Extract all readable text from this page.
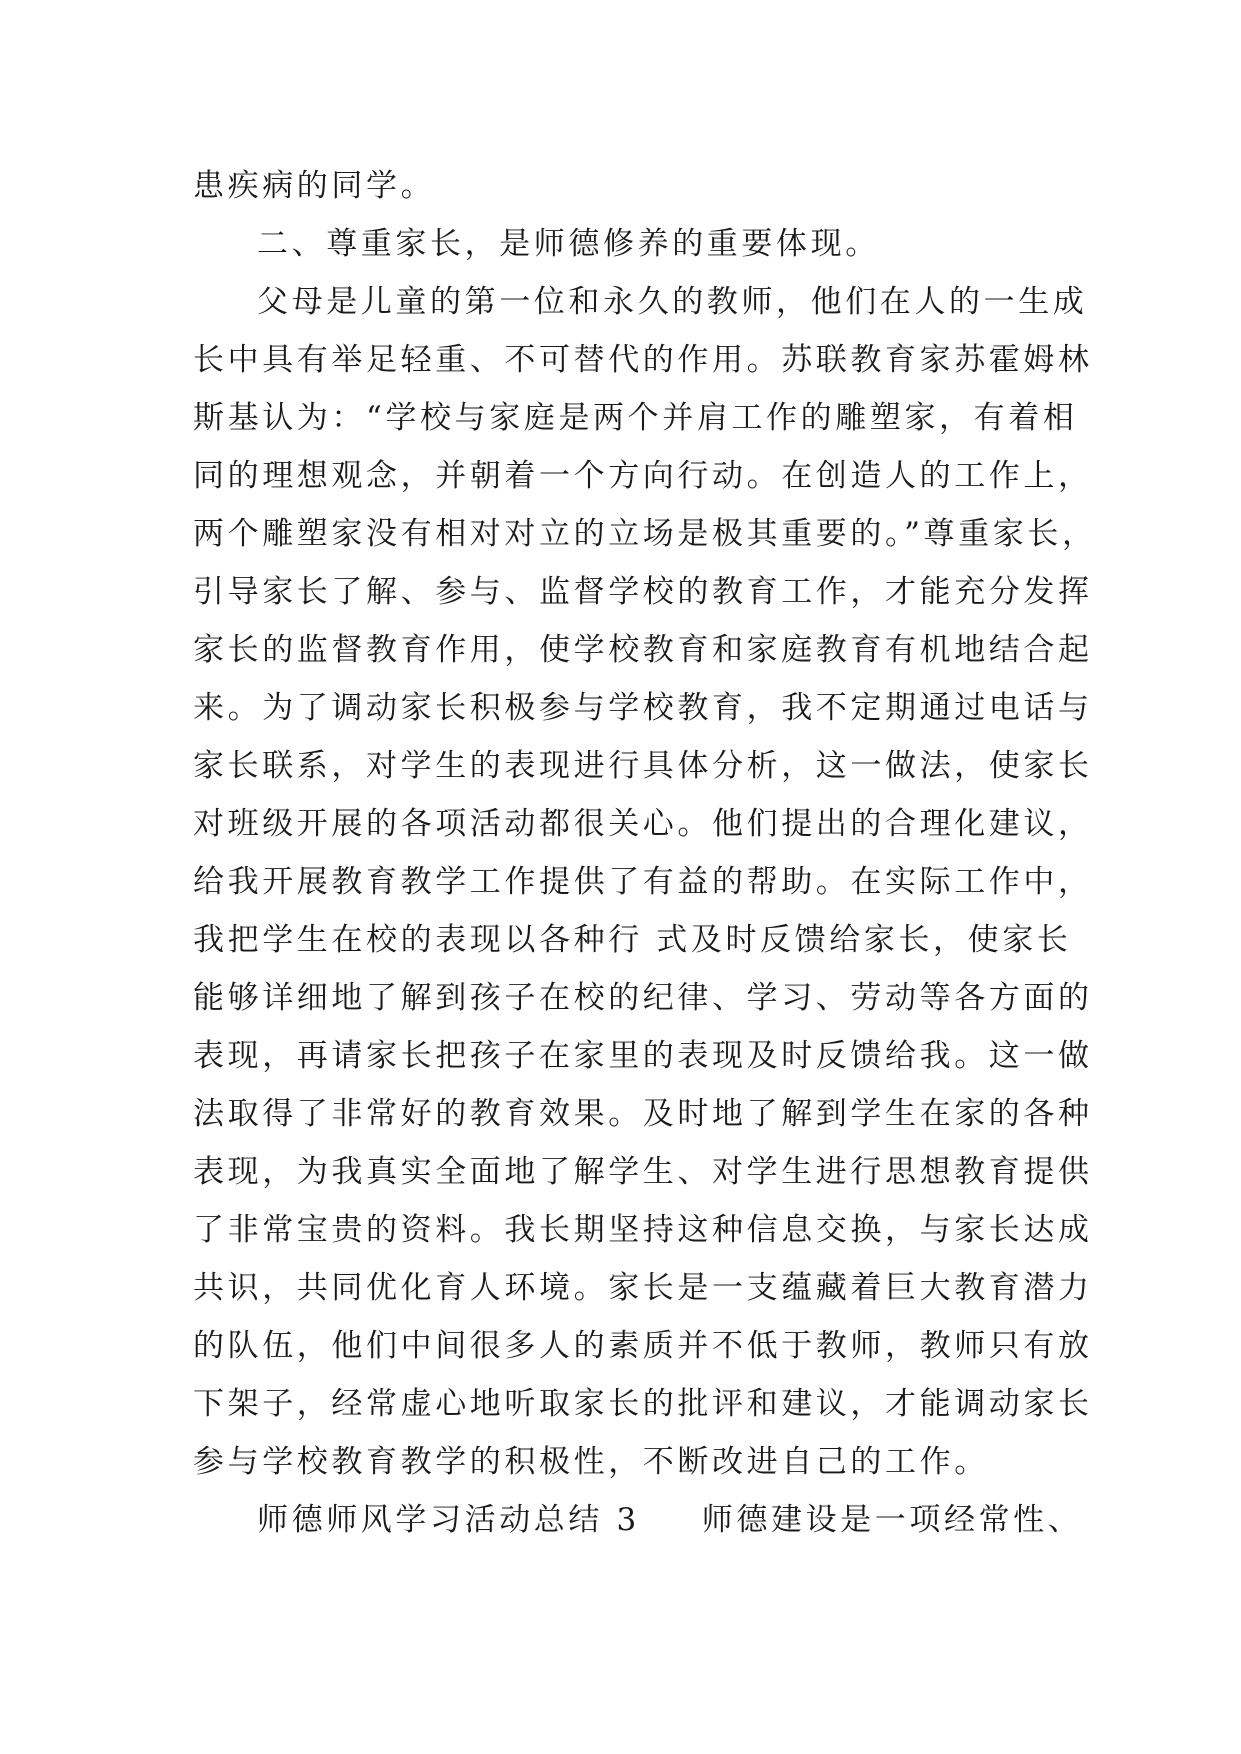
患疾病的同学。
二、尊重家长，是师德修养的重要体现。
父母是儿童的第一位和永久的教师，他们在人的一生成
长中具有举足轻重、不可替代的作用。苏联教育家苏霍姆林
斯基认为：“学校与家庭是两个并肩工作的雕塑家，有着相
同的理想观念，并朝着一个方向行动。在创造人的工作上，
两个雕塑家没有相对对立的立场是极其重要的。”尊重家长，
引导家长了解、参与、监督学校的教育工作，才能充分发挥
家长的监督教育作用，使学校教育和家庭教育有机地结合起
来。为了调动家长积极参与学校教育，我不定期通过电话与
家长联系，对学生的表现进行具体分析，这一做法，使家长
对班级开展的各项活动都很关心。他们提出的合理化建议，
给我开展教育教学工作提供了有益的帮助。在实际工作中，
我把学生在校的表现以各种行 式及时反馈给家长，使家长
能够详细地了解到孩子在校的纪律、学习、劳动等各方面的
表现，再请家长把孩子在家里的表现及时反馈给我。这一做
法取得了非常好的教育效果。及时地了解到学生在家的各种
表现，为我真实全面地了解学生、对学生进行思想教育提供
了非常宝贵的资料。我长期坚持这种信息交换，与家长达成
共识，共同优化育人环境。家长是一支蕴藏着巨大教育潜力
的队伍，他们中间很多人的素质并不低于教师，教师只有放
下架子，经常虚心地听取家长的批评和建议，才能调动家长
参与学校教育教学的积极性，不断改进自己的工作。
师德师风学习活动总结 3 师德建设是一项经常性、
